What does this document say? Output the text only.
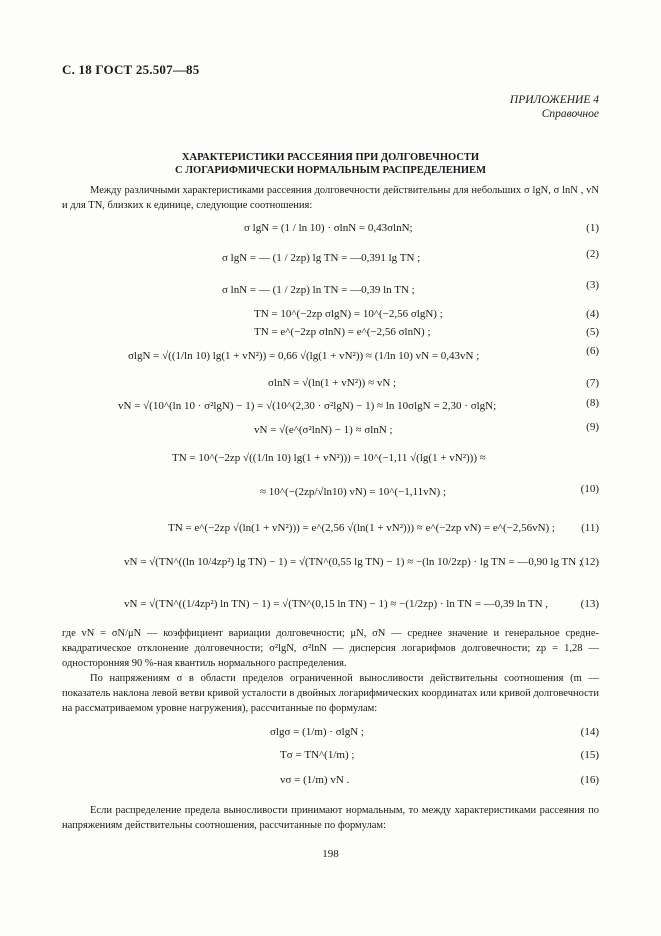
С. 18 ГОСТ 25.507—85
ПРИЛОЖЕНИЕ 4
Справочное
ХАРАКТЕРИСТИКИ РАССЕЯНИЯ ПРИ ДОЛГОВЕЧНОСТИ
С ЛОГАРИФМИЧЕСКИ НОРМАЛЬНЫМ РАСПРЕДЕЛЕНИЕМ
Между различными характеристиками рассеяния долговечности действительны для небольших σ lgN, σ lnN , vN и для TN, близких к единице, следующие соотношения:
σ lgN = (1 / ln 10) · σlnN = 0,43σlnN;	(1)
σ lgN = — (1 / 2zp) lg TN = —0,391 lg TN ;	(2)
σ lnN = — (1 / 2zp) ln TN = —0,39 ln TN ;	(3)
TN = 10^(−2zp σlgN) = 10^(−2,56 σlgN) ;	(4)
TN = e^(−2zp σlnN) = e^(−2,56 σlnN) ;	(5)
σlgN = √((1/ln 10) lg(1 + vN²)) = 0,66 √(lg(1 + vN²)) ≈ (1/ln 10) vN = 0,43vN ;	(6)
σlnN = √(ln(1 + vN²)) ≈ vN ;	(7)
vN = √(10^(ln 10 · σ²lgN) − 1) = √(10^(2,30 · σ²lgN) − 1) ≈ ln 10σlgN = 2,30 · σlgN;	(8)
vN = √(e^(σ²lnN) − 1) ≈ σlnN ;	(9)
TN = 10^(−2zp √((1/ln 10) lg(1 + vN²))) = 10^(−1,11 √(lg(1 + vN²))) ≈
≈ 10^(−(2zp/√ln10) vN) = 10^(−1,11vN) ;	(10)
TN = e^(−2zp √(ln(1 + vN²))) = e^(2,56 √(ln(1 + vN²))) ≈ e^(−2zp vN) = e^(−2,56vN) ; (11)
vN = √(TN^((ln 10/4zp²) lg TN) − 1) = √(TN^(0,55 lg TN) − 1) ≈ −(ln 10/2zp) · lg TN = —0,90 lg TN ;
(12)
vN = √(TN^((1/4zp²) ln TN) − 1) = √(TN^(0,15 ln TN) − 1) ≈ −(1/2zp) · ln TN = —0,39 ln TN ,	(13)
где vN = σN/μN — коэффициент вариации долговечности; μN, σN — среднее значение и генеральное средне-квадратическое отклонение долговечности; σ²lgN, σ²lnN — дисперсия логарифмов долговечности; zp = 1,28 — односторонняя 90 %-ная квантиль нормального распределения.
По напряжениям σ в области пределов ограниченной выносливости действительны соотношения (m — показатель наклона левой ветви кривой усталости в двойных логарифмических координатах или кривой долговечности на рассматриваемом уровне нагружения), рассчитанные по формулам:
σlgσ = (1/m) · σlgN ;	(14)
Tσ = TN^(1/m) ;	(15)
vσ = (1/m) vN .	(16)
Если распределение предела выносливости принимают нормальным, то между характеристиками рассеяния по напряжениям действительны соотношения, рассчитанные по формулам:
198
